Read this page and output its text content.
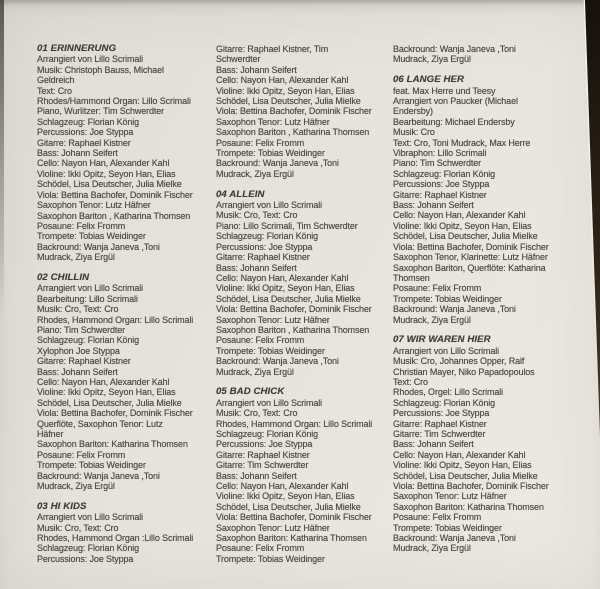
01 ERINNERUNG
Arrangiert von Lillo Scrimali
Musik: Christoph Bauss, Michael
Geldreich
Text: Cro
Rhodes/Hammond Organ: Lillo Scrimali
Piano, Wurlitzer: Tim Schwerdter
Schlagzeug: Florian König
Percussions: Joe Styppa
Gitarre: Raphael Kistner
Bass: Johann Seifert
Cello: Nayon Han, Alexander Kahl
Violine: Ikki Opitz, Seyon Han, Elias
Schödel, Lisa Deutscher, Julia Mielke
Viola: Bettina Bachofer, Dominik Fischer
Saxophon Tenor: Lutz Häfner
Saxophon Bariton , Katharina Thomsen
Posaune: Felix Fromm
Trompete: Tobias Weidinger
Backround: Wanja Janeva ,Toni
Mudrack, Ziya Ergül
02 CHILLIN
Arrangiert von Lillo Scrimali
Bearbeitung: Lillo Scrimali
Musik: Cro, Text: Cro
Rhodes, Hammond Organ: Lillo Scrimali
Piano: Tim Schwerdter
Schlagzeug: Florian König
Xylophon Joe Styppa
Gitarre: Raphael Kistner
Bass: Johann Seifert
Cello: Nayon Han, Alexander Kahl
Violine: Ikki Opitz, Seyon Han, Elias
Schödel, Lisa Deutscher, Julia Mielke
Viola: Bettina Bachofer, Dominik Fischer
Querflöte, Saxophon Tenor: Lutz
Häfner
Saxophon Bariton: Katharina Thomsen
Posaune: Felix Fromm
Trompete: Tobias Weidinger
Backround: Wanja Janeva ,Toni
Mudrack, Ziya Ergül
03 HI KIDS
Arrangiert von Lillo Scrimali
Musik: Cro, Text: Cro
Rhodes, Hammond Organ :Lillo Scrimali
Schlagzeug: Florian König
Percussions: Joe Styppa
Gitarre: Raphael Kistner, Tim
Schwerdter
Bass: Johann Seifert
Cello: Nayon Han, Alexander Kahl
Violine: Ikki Opitz, Seyon Han, Elias
Schödel, Lisa Deutscher, Julia Mielke
Viola: Bettina Bachofer, Dominik Fischer
Saxophon Tenor: Lutz Häfner
Saxophon Bariton , Katharina Thomsen
Posaune: Felix Fromm
Trompete: Tobias Weidinger
Backround: Wanja Janeva ,Toni
Mudrack, Ziya Ergül
04 ALLEIN
Arrangiert von Lillo Scrimali
Musik: Cro, Text: Cro
Piano: Lillo Scrimali, Tim Schwerdter
Schlagzeug: Florian König
Percussions: Joe Styppa
Gitarre: Raphael Kistner
Bass: Johann Seifert
Cello: Nayon Han, Alexander Kahl
Violine: Ikki Opitz, Seyon Han, Elias
Schödel, Lisa Deutscher, Julia Mielke
Viola: Bettina Bachofer, Dominik Fischer
Saxophon Tenor: Lutz Häfner
Saxophon Bariton , Katharina Thomsen
Posaune: Felix Fromm
Trompete: Tobias Weidinger
Backround: Wanja Janeva ,Toni
Mudrack, Ziya Ergül
05 BAD CHICK
Arrangiert von Lillo Scrimali
Musik: Cro, Text: Cro
Rhodes, Hammond Organ: Lillo Scrimali
Schlagzeug: Florian König
Percussions: Joe Styppa
Gitarre: Raphael Kistner
Gitarre: Tim Schwerdter
Bass: Johann Seifert
Cello: Nayon Han, Alexander Kahl
Violine: Ikki Opitz, Seyon Han, Elias
Schödel, Lisa Deutscher, Julia Mielke
Viola: Bettina Bachofer, Dominik Fischer
Saxophon Tenor: Lutz Häfner
Saxophon Bariton: Katharina Thomsen
Posaune: Felix Fromm
Trompete: Tobias Weidinger
Backround: Wanja Janeva ,Toni
Mudrack, Ziya Ergül
06 LANGE HER
feat. Max Herre und Teesy
Arrangiert von Paucker (Michael
Endersby)
Bearbeitung: Michael Endersby
Musik: Cro
Text: Cro, Toni Mudrack, Max Herre
Vibraphon: Lillo Scrimali
Piano: Tim Schwerdter
Schlagzeug: Florian König
Percussions: Joe Styppa
Gitarre: Raphael Kistner
Bass: Johann Seifert
Cello: Nayon Han, Alexander Kahl
Violine: Ikki Opitz, Seyon Han, Elias
Schödel, Lisa Deutscher, Julia Mielke
Viola: Bettina Bachofer, Dominik Fischer
Saxophon Tenor, Klarinette: Lutz Häfner
Saxophon Bariton, Querflöte: Katharina
Thomsen
Posaune: Felix Fromm
Trompete: Tobias Weidinger
Backround: Wanja Janeva ,Toni
Mudrack, Ziya Ergül
07 WIR WAREN HIER
Arrangiert von Lillo Scrimali
Musik: Cro, Johannes Opper, Ralf
Christian Mayer, Niko Papadopoulos
Text: Cro
Rhodes, Orgel: Lillo Scrimali
Schlagzeug: Florian König
Percussions: Joe Styppa
Gitarre: Raphael Kistner
Gitarre: Tim Schwerdter
Bass: Johann Seifert
Cello: Nayon Han, Alexander Kahl
Violine: Ikki Opitz, Seyon Han, Elias
Schödel, Lisa Deutscher, Julia Mielke
Viola: Bettina Bachofer, Dominik Fischer
Saxophon Tenor: Lutz Häfner
Saxophon Bariton: Katharina Thomsen
Posaune: Felix Fromm
Trompete: Tobias Weidinger
Backround: Wanja Janeva ,Toni
Mudrack, Ziya Ergül
